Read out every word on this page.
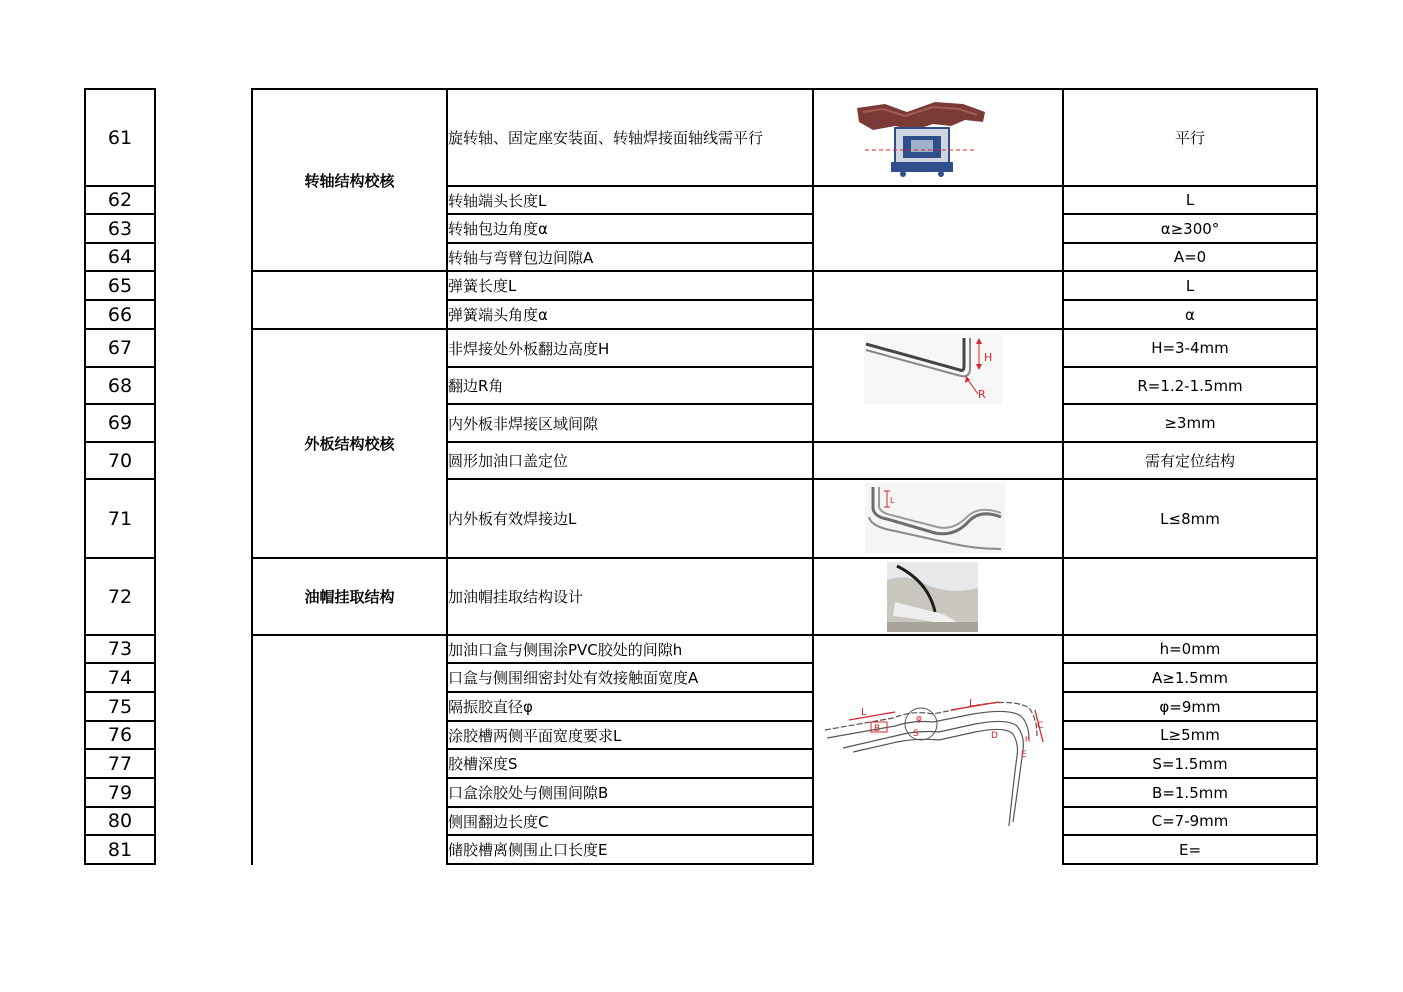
61
62
63
64
65
66
67
68
69
70
71
72
73
74
75
76
77
79
80
81
转轴结构校核
外板结构校核
油帽挂取结构
旋转轴、固定座安装面、转轴焊接面轴线需平行
转轴端头长度L
转轴包边角度α
转轴与弯臂包边间隙A
弹簧长度L
弹簧端头角度α
非焊接处外板翻边高度H
翻边R角
内外板非焊接区域间隙
圆形加油口盖定位
内外板有效焊接边L
加油帽挂取结构设计
加油口盒与侧围涂PVC胶处的间隙h
口盒与侧围细密封处有效接触面宽度A
隔振胶直径φ
涂胶槽两侧平面宽度要求L
胶槽深度S
口盒涂胶处与侧围间隙B
侧围翻边长度C
储胶槽离侧围止口长度E
平行
L
α≥300°
A=0
L
α
H=3-4mm
R=1.2-1.5mm
≥3mm
需有定位结构
L≤8mm
h=0mm
A≥1.5mm
φ=9mm
L≥5mm
S=1.5mm
B=1.5mm
C=7-9mm
E=
H
R
L
L
B
φ
S
L
C
D	h
E
